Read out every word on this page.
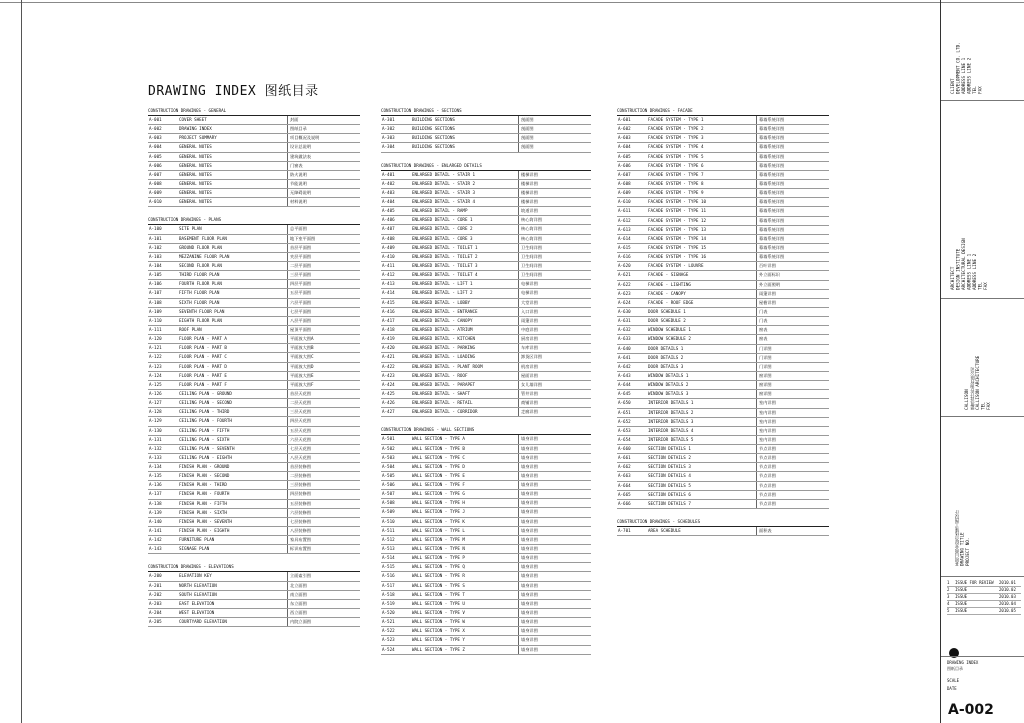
DRAWING INDEX 图纸目录
CONSTRUCTION DRAWINGS - GENERAL
A-001	COVER SHEET	封面
A-002	DRAWING INDEX	图纸目录
A-003	PROJECT SUMMARY	项目概况及说明
A-004	GENERAL NOTES	设计总说明
A-005	GENERAL NOTES	建筑做法表
A-006	GENERAL NOTES	门窗表
A-007	GENERAL NOTES	防火说明
A-008	GENERAL NOTES	节能说明
A-009	GENERAL NOTES	无障碍说明
A-010	GENERAL NOTES	材料说明
CONSTRUCTION DRAWINGS - PLANS
A-100	SITE PLAN	总平面图
A-101	BASEMENT FLOOR PLAN	地下室平面图
A-102	GROUND FLOOR PLAN	首层平面图
A-103	MEZZANINE FLOOR PLAN	夹层平面图
A-104	SECOND FLOOR PLAN	二层平面图
A-105	THIRD FLOOR PLAN	三层平面图
A-106	FOURTH FLOOR PLAN	四层平面图
A-107	FIFTH FLOOR PLAN	五层平面图
A-108	SIXTH FLOOR PLAN	六层平面图
A-109	SEVENTH FLOOR PLAN	七层平面图
A-110	EIGHTH FLOOR PLAN	八层平面图
A-111	ROOF PLAN	屋顶平面图
A-120	FLOOR PLAN - PART A	平面放大图A
A-121	FLOOR PLAN - PART B	平面放大图B
A-122	FLOOR PLAN - PART C	平面放大图C
A-123	FLOOR PLAN - PART D	平面放大图D
A-124	FLOOR PLAN - PART E	平面放大图E
A-125	FLOOR PLAN - PART F	平面放大图F
A-126	CEILING PLAN - GROUND	首层天花图
A-127	CEILING PLAN - SECOND	二层天花图
A-128	CEILING PLAN - THIRD	三层天花图
A-129	CEILING PLAN - FOURTH	四层天花图
A-130	CEILING PLAN - FIFTH	五层天花图
A-131	CEILING PLAN - SIXTH	六层天花图
A-132	CEILING PLAN - SEVENTH	七层天花图
A-133	CEILING PLAN - EIGHTH	八层天花图
A-134	FINISH PLAN - GROUND	首层装修图
A-135	FINISH PLAN - SECOND	二层装修图
A-136	FINISH PLAN - THIRD	三层装修图
A-137	FINISH PLAN - FOURTH	四层装修图
A-138	FINISH PLAN - FIFTH	五层装修图
A-139	FINISH PLAN - SIXTH	六层装修图
A-140	FINISH PLAN - SEVENTH	七层装修图
A-141	FINISH PLAN - EIGHTH	八层装修图
A-142	FURNITURE PLAN	家具布置图
A-143	SIGNAGE PLAN	标识布置图
CONSTRUCTION DRAWINGS - ELEVATIONS
A-200	ELEVATION KEY	立面索引图
A-201	NORTH ELEVATION	北立面图
A-202	SOUTH ELEVATION	南立面图
A-203	EAST ELEVATION	东立面图
A-204	WEST ELEVATION	西立面图
A-205	COURTYARD ELEVATION	内院立面图
CONSTRUCTION DRAWINGS - SECTIONS
A-301	BUILDING SECTIONS	剖面图
A-302	BUILDING SECTIONS	剖面图
A-303	BUILDING SECTIONS	剖面图
A-304	BUILDING SECTIONS	剖面图
CONSTRUCTION DRAWINGS - ENLARGED DETAILS
A-401	ENLARGED DETAIL - STAIR 1	楼梯详图
A-402	ENLARGED DETAIL - STAIR 2	楼梯详图
A-403	ENLARGED DETAIL - STAIR 3	楼梯详图
A-404	ENLARGED DETAIL - STAIR 4	楼梯详图
A-405	ENLARGED DETAIL - RAMP	坡道详图
A-406	ENLARGED DETAIL - CORE 1	核心筒详图
A-407	ENLARGED DETAIL - CORE 2	核心筒详图
A-408	ENLARGED DETAIL - CORE 3	核心筒详图
A-409	ENLARGED DETAIL - TOILET 1	卫生间详图
A-410	ENLARGED DETAIL - TOILET 2	卫生间详图
A-411	ENLARGED DETAIL - TOILET 3	卫生间详图
A-412	ENLARGED DETAIL - TOILET 4	卫生间详图
A-413	ENLARGED DETAIL - LIFT 1	电梯详图
A-414	ENLARGED DETAIL - LIFT 2	电梯详图
A-415	ENLARGED DETAIL - LOBBY	大堂详图
A-416	ENLARGED DETAIL - ENTRANCE	入口详图
A-417	ENLARGED DETAIL - CANOPY	雨篷详图
A-418	ENLARGED DETAIL - ATRIUM	中庭详图
A-419	ENLARGED DETAIL - KITCHEN	厨房详图
A-420	ENLARGED DETAIL - PARKING	车库详图
A-421	ENLARGED DETAIL - LOADING	卸货区详图
A-422	ENLARGED DETAIL - PLANT ROOM	机房详图
A-423	ENLARGED DETAIL - ROOF	屋面详图
A-424	ENLARGED DETAIL - PARAPET	女儿墙详图
A-425	ENLARGED DETAIL - SHAFT	管井详图
A-426	ENLARGED DETAIL - RETAIL	商铺详图
A-427	ENLARGED DETAIL - CORRIDOR	走廊详图
CONSTRUCTION DRAWINGS - WALL SECTIONS
A-501	WALL SECTION - TYPE A	墙身详图
A-502	WALL SECTION - TYPE B	墙身详图
A-503	WALL SECTION - TYPE C	墙身详图
A-504	WALL SECTION - TYPE D	墙身详图
A-505	WALL SECTION - TYPE E	墙身详图
A-506	WALL SECTION - TYPE F	墙身详图
A-507	WALL SECTION - TYPE G	墙身详图
A-508	WALL SECTION - TYPE H	墙身详图
A-509	WALL SECTION - TYPE J	墙身详图
A-510	WALL SECTION - TYPE K	墙身详图
A-511	WALL SECTION - TYPE L	墙身详图
A-512	WALL SECTION - TYPE M	墙身详图
A-513	WALL SECTION - TYPE N	墙身详图
A-514	WALL SECTION - TYPE P	墙身详图
A-515	WALL SECTION - TYPE Q	墙身详图
A-516	WALL SECTION - TYPE R	墙身详图
A-517	WALL SECTION - TYPE S	墙身详图
A-518	WALL SECTION - TYPE T	墙身详图
A-519	WALL SECTION - TYPE U	墙身详图
A-520	WALL SECTION - TYPE V	墙身详图
A-521	WALL SECTION - TYPE W	墙身详图
A-522	WALL SECTION - TYPE X	墙身详图
A-523	WALL SECTION - TYPE Y	墙身详图
A-524	WALL SECTION - TYPE Z	墙身详图
CONSTRUCTION DRAWINGS - FACADE
A-601	FACADE SYSTEM - TYPE 1	幕墙系统详图
A-602	FACADE SYSTEM - TYPE 2	幕墙系统详图
A-603	FACADE SYSTEM - TYPE 3	幕墙系统详图
A-604	FACADE SYSTEM - TYPE 4	幕墙系统详图
A-605	FACADE SYSTEM - TYPE 5	幕墙系统详图
A-606	FACADE SYSTEM - TYPE 6	幕墙系统详图
A-607	FACADE SYSTEM - TYPE 7	幕墙系统详图
A-608	FACADE SYSTEM - TYPE 8	幕墙系统详图
A-609	FACADE SYSTEM - TYPE 9	幕墙系统详图
A-610	FACADE SYSTEM - TYPE 10	幕墙系统详图
A-611	FACADE SYSTEM - TYPE 11	幕墙系统详图
A-612	FACADE SYSTEM - TYPE 12	幕墙系统详图
A-613	FACADE SYSTEM - TYPE 13	幕墙系统详图
A-614	FACADE SYSTEM - TYPE 14	幕墙系统详图
A-615	FACADE SYSTEM - TYPE 15	幕墙系统详图
A-616	FACADE SYSTEM - TYPE 16	幕墙系统详图
A-620	FACADE SYSTEM - LOUVRE	百叶详图
A-621	FACADE - SIGNAGE	外立面标识
A-622	FACADE - LIGHTING	外立面照明
A-623	FACADE - CANOPY	雨篷详图
A-624	FACADE - ROOF EDGE	屋檐详图
A-630	DOOR SCHEDULE 1	门表
A-631	DOOR SCHEDULE 2	门表
A-632	WINDOW SCHEDULE 1	窗表
A-633	WINDOW SCHEDULE 2	窗表
A-640	DOOR DETAILS 1	门详图
A-641	DOOR DETAILS 2	门详图
A-642	DOOR DETAILS 3	门详图
A-643	WINDOW DETAILS 1	窗详图
A-644	WINDOW DETAILS 2	窗详图
A-645	WINDOW DETAILS 3	窗详图
A-650	INTERIOR DETAILS 1	室内详图
A-651	INTERIOR DETAILS 2	室内详图
A-652	INTERIOR DETAILS 3	室内详图
A-653	INTERIOR DETAILS 4	室内详图
A-654	INTERIOR DETAILS 5	室内详图
A-660	SECTION DETAILS 1	节点详图
A-661	SECTION DETAILS 2	节点详图
A-662	SECTION DETAILS 3	节点详图
A-663	SECTION DETAILS 4	节点详图
A-664	SECTION DETAILS 5	节点详图
A-665	SECTION DETAILS 6	节点详图
A-666	SECTION DETAILS 7	节点详图
CONSTRUCTION DRAWINGS - SCHEDULES
A-701	AREA SCHEDULE	面积表
CLIENT DEVELOPMENT CO. LTD. ADDRESS LINE 1 ADDRESS LINE 2 TEL FAX
ARCHITECT DESIGN INSTITUTE ARCHITECTURAL DESIGN ADDRESS LINE 1 ADDRESS LINE 2 TEL FAX
CALLISON 建筑设计咨询有限公司 CALLISON ARCHITECTURE TEL FAX
某项目商业综合体施工图设计 DRAWING TITLE PROJECT NO.
1	ISSUE FOR REVIEW	2010.01
2	ISSUE	2010.02
3	ISSUE	2010.03
4	ISSUE	2010.04
5	ISSUE	2010.05
DRAWING INDEX
图纸目录
SCALE
DATE
A-002
